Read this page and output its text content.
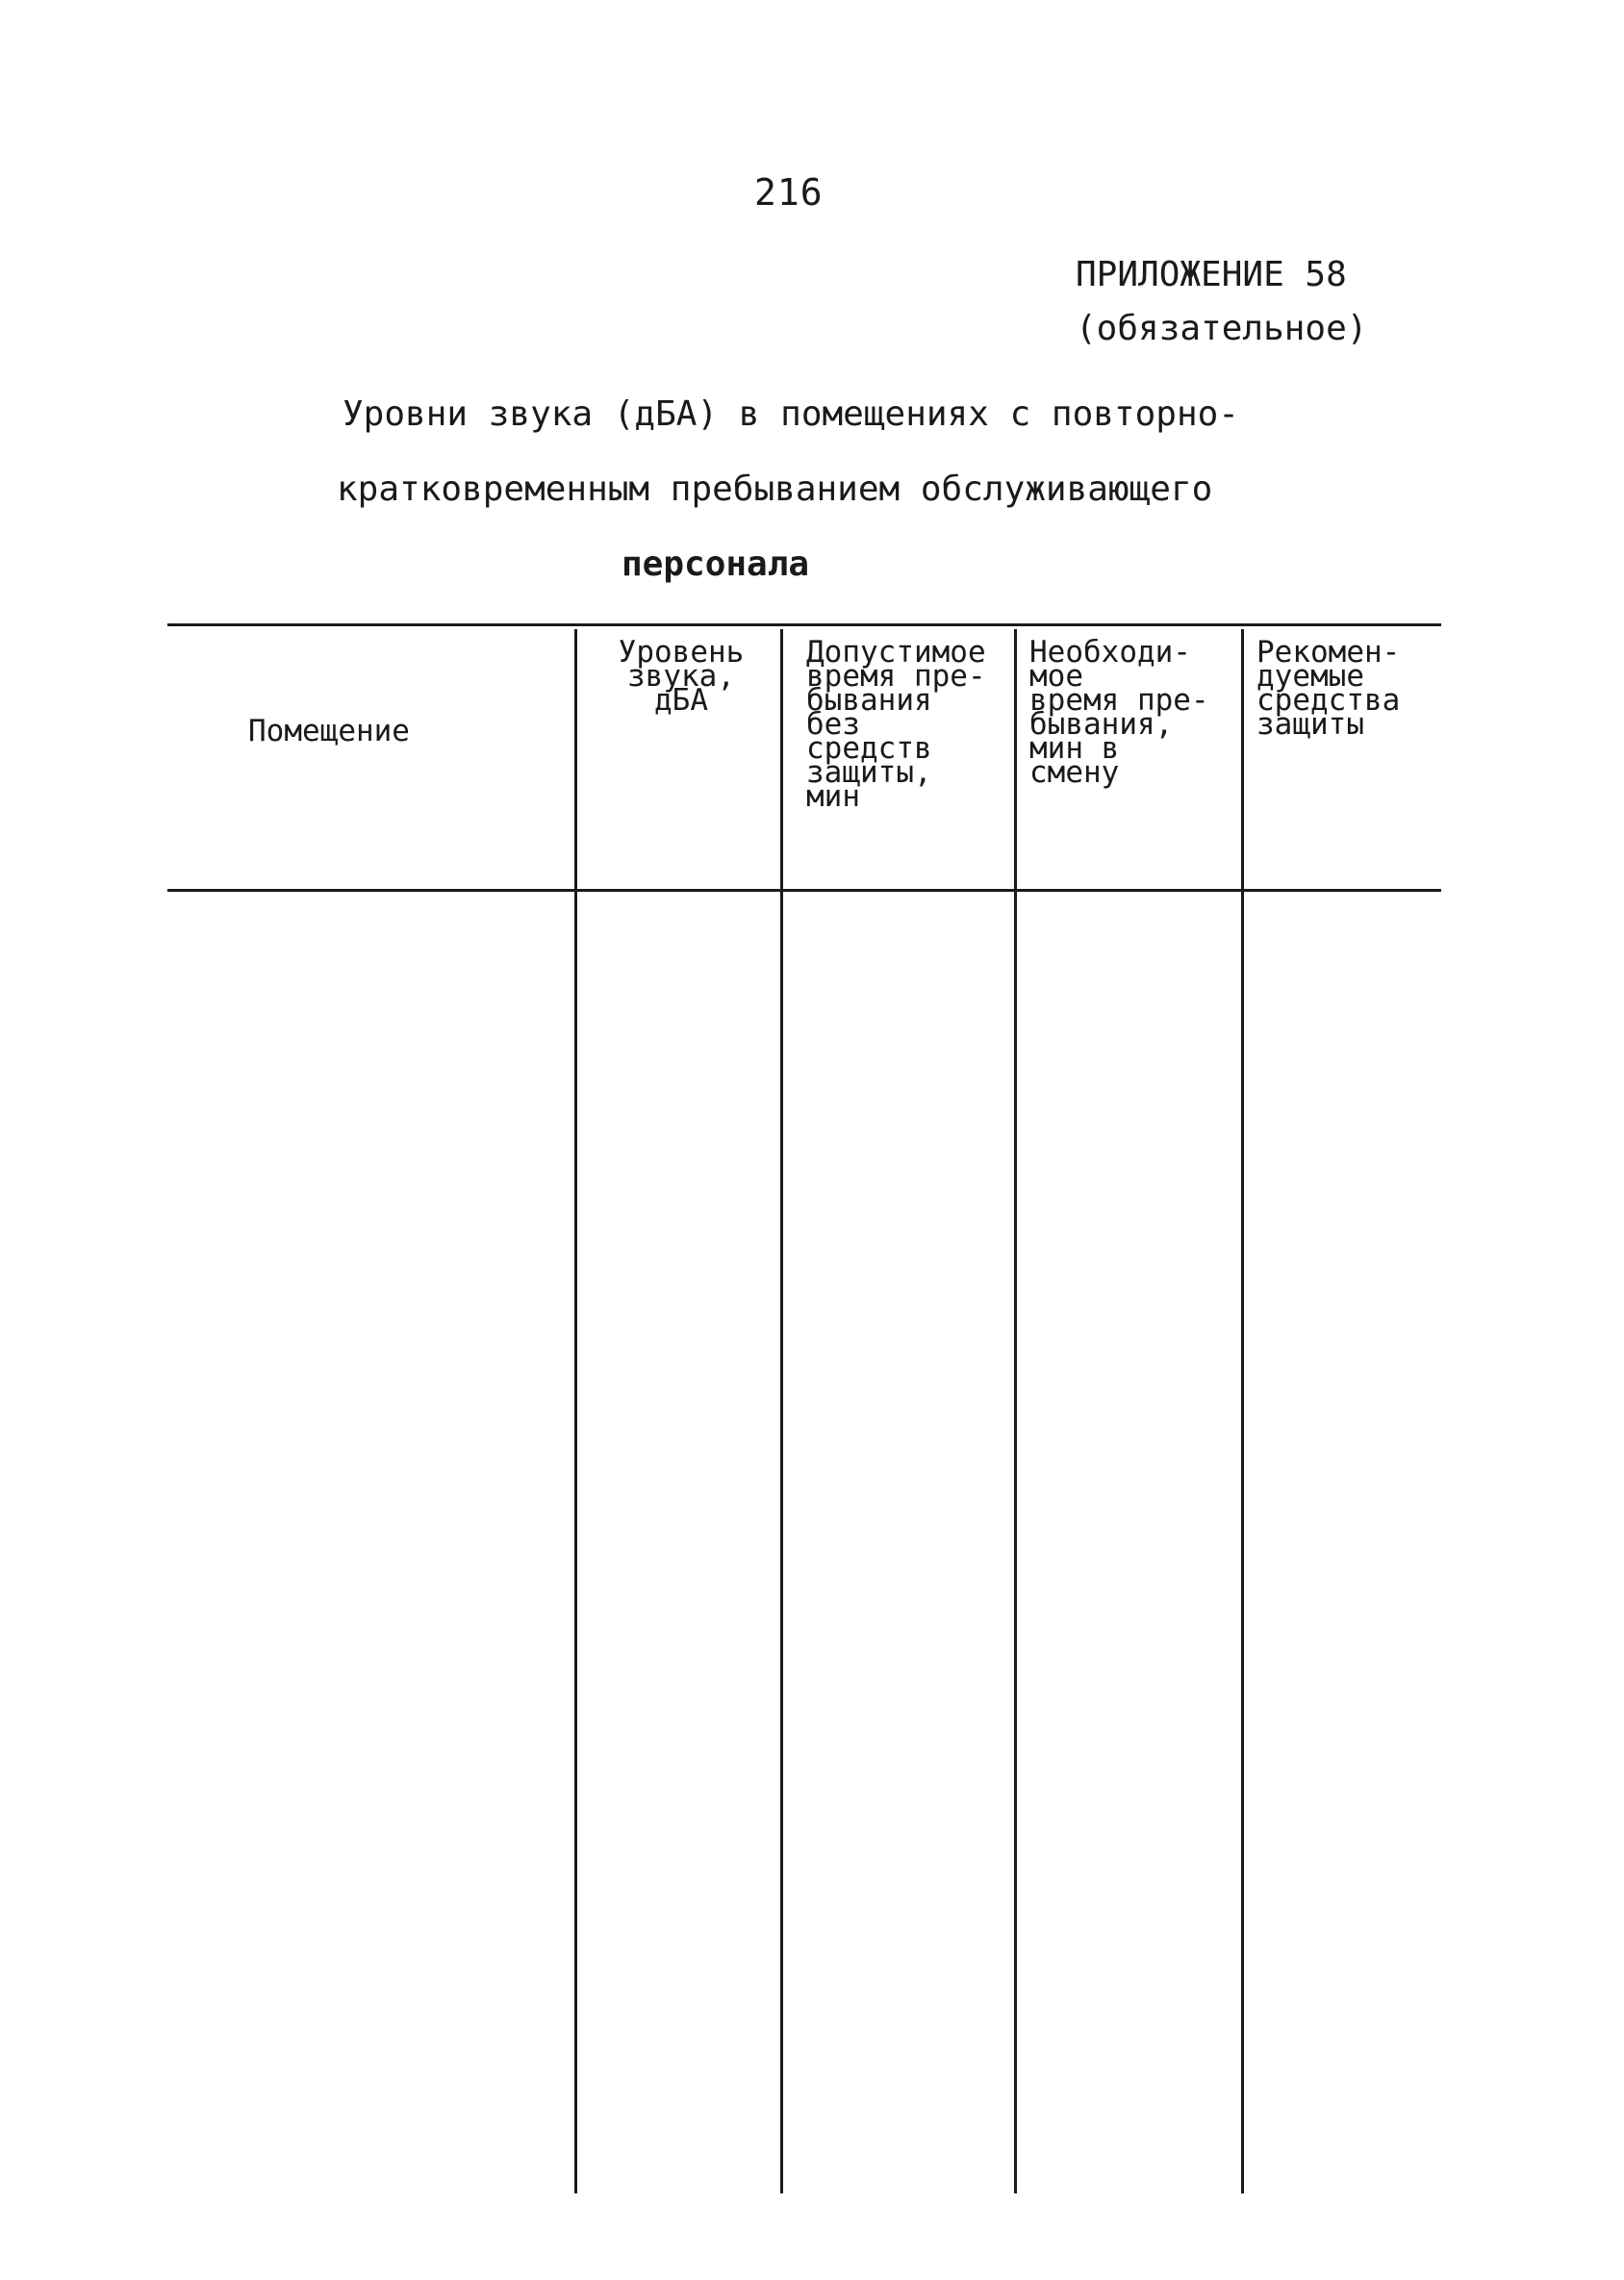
216
ПРИЛОЖЕНИЕ 58
(обязательное)
Уровни звука (дБА) в помещениях с повторно-
кратковременным пребыванием обслуживающего
персонала
Помещение
Уровень
звука,
дБА
Допустимое
время пре-
бывания
без
средств
защиты,
мин
Необходи-
мое
время пре-
бывания,
мин в
смену
Рекомен-
дуемые
средства
защиты
